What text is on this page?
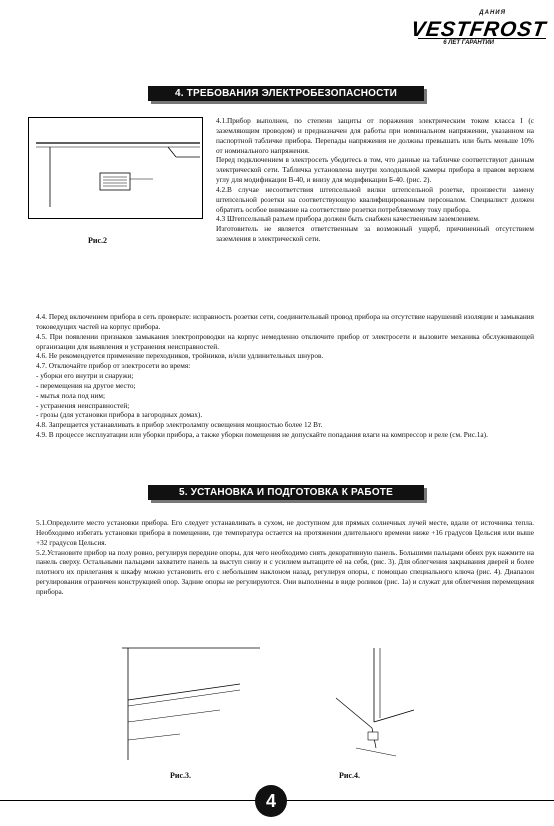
ДАНИЯ
VESTFROST
6 ЛЕТ ГАРАНТИИ
4. ТРЕБОВАНИЯ ЭЛЕКТРОБЕЗОПАСНОСТИ
Рис.2

4.1.Прибор выполнен, по степени защиты от поражения электрическим током класса I (с заземляющим проводом) и предназначен для работы при номинальном напряжении, указанном на паспортной табличке прибора. Перепады напряжения не должны превышать или быть меньше 10% от номинального напряжения.

Перед подключением в электросеть убедитесь в том, что данные на табличке соответствуют данным электрической сети. Табличка установлена внутри холодильной камеры прибора в правом верхнем углу для модификации В-40, и внизу для модификации Б-40. (рис. 2).

4.2.В случае несоответствия штепсельной вилки штепсельной розетке, произвести замену штепсельной розетки на соответствующую квалифицированным персоналом. Специалист должен обратить особое внимание на соответствие розетки потребляемому току прибора.

4.3 Штепсельный разъем прибора должен быть снабжен качественным заземлением.

Изготовитель не является ответственным за возможный ущерб, причиненный отсутствием заземления в электрической сети.

4.4. Перед включением прибора в сеть проверьте: исправность розетки сети, соединительный провод прибора на отсутствие нарушений изоляции и замыкания токоведущих частей на корпус прибора.

4.5. При появлении признаков замыкания электропроводки на корпус немедленно отключите прибор от электросети и вызовите механика обслуживающей организации для выявления и устранения неисправностей.

4.6. Не рекомендуется применение переходников, тройников, и/или удлинительных шнуров.

4.7. Отключайте прибор от электросети во время:

- уборки его внутри и снаружи;

- перемещения на другое место;

- мытья пола под ним;

- устранения неисправностей;

- грозы (для установки прибора в загородных домах).

4.8. Запрещается устанавливать в прибор электролампу освещения мощностью более 12 Вт.

4.9. В процессе эксплуатации или уборки прибора, а также уборки помещения не допускайте попадания влаги на компрессор и реле (см. Рис.1а).

5. УСТАНОВКА И ПОДГОТОВКА К РАБОТЕ

5.1.Определите место установки прибора. Его следует устанавливать в сухом, не доступном для прямых солнечных лучей месте, вдали от источника тепла. Необходимо избегать установки прибора в помещении, где температура остается на протяжении длительного времени ниже +16 градусов Цельсия или выше +32 градусов Цельсия.

5.2.Установите прибор на полу ровно, регулируя передние опоры, для чего необходимо снять декоративную панель. Большими пальцами обеих рук нажмите на панель сверху. Остальными пальцами захватите панель за выступ снизу и с усилием вытащите её на себя, (рис. 3). Для облегчения закрывания дверей и более плотного их прилегания к шкафу можно установить его с небольшим наклоном назад, регулируя опоры, с помощью специального ключа (рис. 4). Диапазон регулирования ограничен конструкцией опор. Задние опоры не регулируются. Они выполнены в виде роликов (рис. 1а) и служат для облегчения перемещения прибора.

Рис.3.	Рис.4.
4
